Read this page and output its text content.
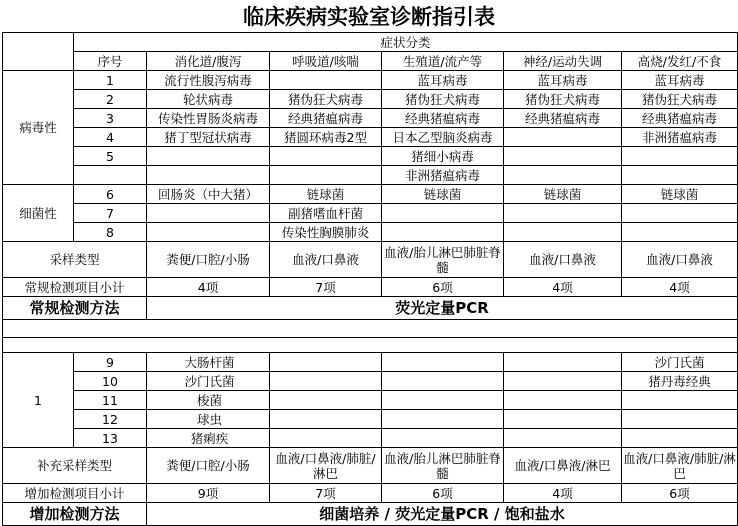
临床疾病实验室诊断指引表
	症状分类					
	序号	消化道/腹泻	呼吸道/咳喘	生殖道/流产等	神经/运动失调	高烧/发红/不食
病毒性	1	流行性腹泻病毒		蓝耳病毒	蓝耳病毒	蓝耳病毒
	2	轮状病毒	猪伪狂犬病毒	猪伪狂犬病毒	猪伪狂犬病毒	猪伪狂犬病毒
	3	传染性胃肠炎病毒	经典猪瘟病毒	经典猪瘟病毒	经典猪瘟病毒	经典猪瘟病毒
	4	猪丁型冠状病毒	猪圆环病毒2型	日本乙型脑炎病毒		非洲猪瘟病毒
	5			猪细小病毒		
				非洲猪瘟病毒		
细菌性	6	回肠炎（中大猪）	链球菌	链球菌	链球菌	链球菌
	7		副猪嗜血杆菌			
	8		传染性胸膜肺炎			
采样类型		粪便/口腔/小肠	血液/口鼻液	血液/胎儿淋巴肺脏脊髓	血液/口鼻液	血液/口鼻液
常规检测项目小计		4项	7项	6项	4项	4项
常规检测方法		荧光定量PCR				

1	9	大肠杆菌				沙门氏菌
	10	沙门氏菌				猪丹毒经典
	11	梭菌				
	12	球虫				
	13	猪痢疾				
补充采样类型		粪便/口腔/小肠	血液/口鼻液/肺脏/淋巴	血液/胎儿淋巴肺脏脊髓	血液/口鼻液/淋巴	血液/口鼻液/肺脏/淋巴
增加检测项目小计		9项	7项	6项	4项	6项
增加检测方法		细菌培养 / 荧光定量PCR / 饱和盐水				
